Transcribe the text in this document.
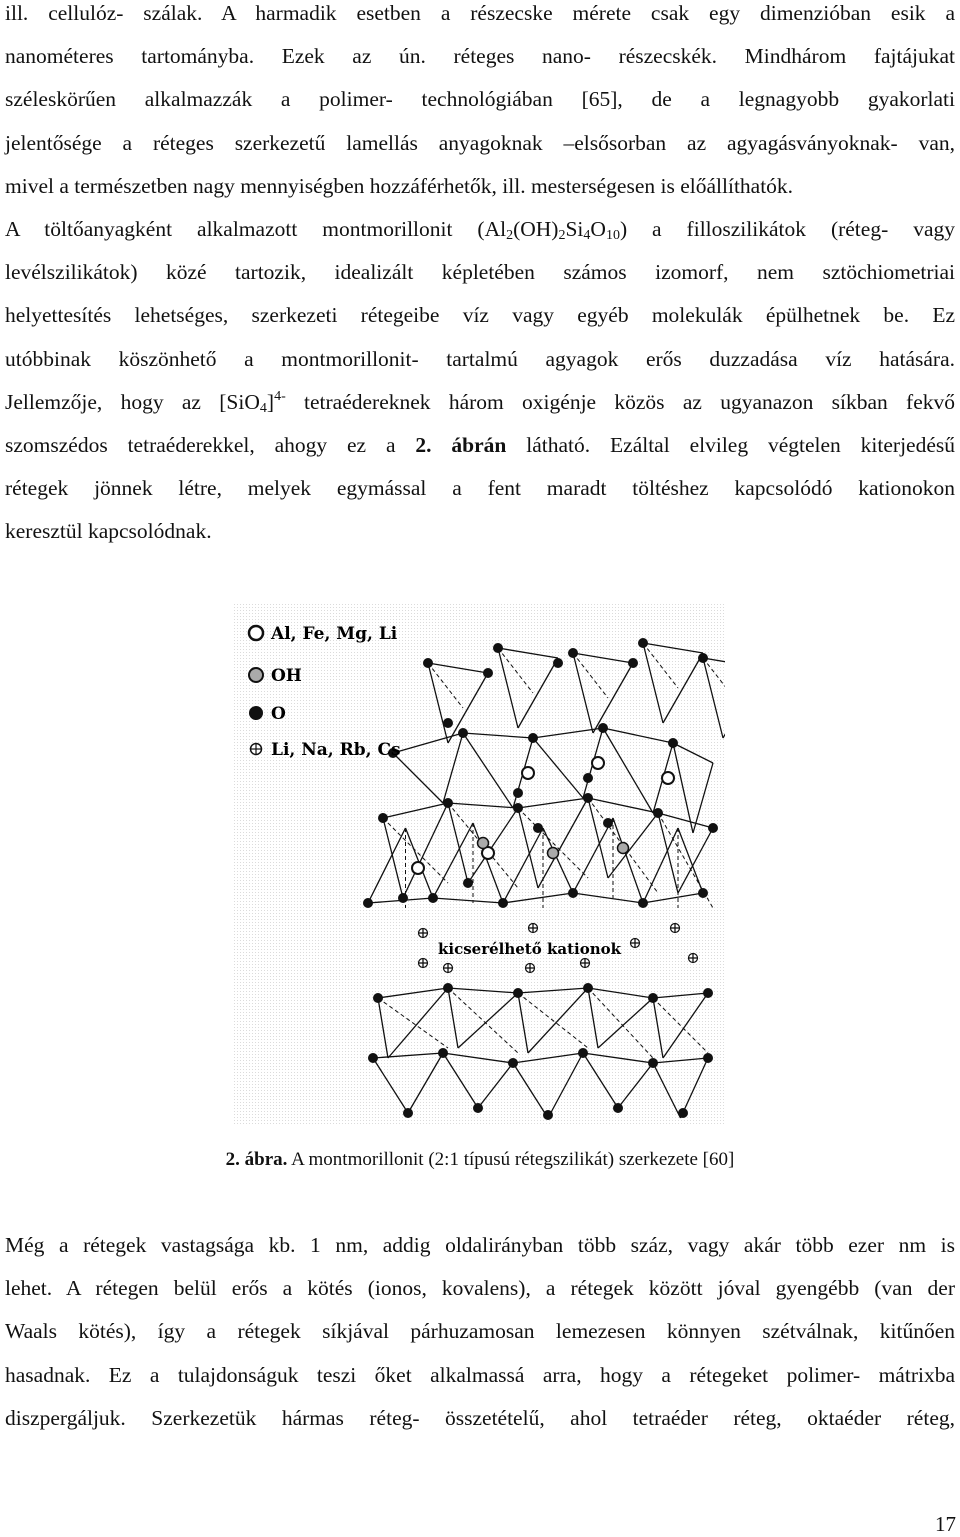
ill. cellulóz- szálak. A harmadik esetben a részecske mérete csak egy dimenzióban esik a
nanométeres tartományba. Ezek az ún. réteges nano- részecskék. Mindhárom fajtájukat
széleskörűen alkalmazzák a polimer- technológiában [65], de a legnagyobb gyakorlati
jelentősége a réteges szerkezetű lamellás anyagoknak –elsősorban az agyagásványoknak- van,
mivel a természetben nagy mennyiségben hozzáférhetők, ill. mesterségesen is előállíthatók.
A töltőanyagként alkalmazott montmorillonit $(Al_2(OH)_2Si_4O_{10})$ a filloszilikátok (réteg- vagy
levélszilikátok) közé tartozik, idealizált képletében számos izomorf, nem sztöchiometriai
helyettesítés lehetséges, szerkezeti rétegeibe víz vagy egyéb molekulák épülhetnek be. Ez
utóbbinak köszönhető a montmorillonit- tartalmú agyagok erős duzzadása víz hatására.
Jellemzője, hogy az $[SiO_4]^{4-}$ tetraédereknek három oxigénje közös az ugyanazon síkban fekvő
szomszédos tetraéderekkel, ahogy ez a 2. ábrán látható. Ezáltal elvileg végtelen kiterjedésű
rétegek jönnek létre, melyek egymással a fent maradt töltéshez kapcsolódó kationokon
keresztül kapcsolódnak.
Al, Fe, Mg, Li
OH
O
Li, Na, Rb, Cs
kicserélhető kationok
2. ábra. A montmorillonit (2:1 típusú rétegszilikát) szerkezete [60]
Még a rétegek vastagsága kb. 1 nm, addig oldalirányban több száz, vagy akár több ezer nm is
lehet. A rétegen belül erős a kötés (ionos, kovalens), a rétegek között jóval gyengébb (van der
Waals kötés), így a rétegek síkjával párhuzamosan lemezesen könnyen szétválnak, kitűnően
hasadnak. Ez a tulajdonságuk teszi őket alkalmassá arra, hogy a rétegeket polimer- mátrixba
diszpergáljuk. Szerkezetük hármas réteg- összetételű, ahol tetraéder réteg, oktaéder réteg,
17
